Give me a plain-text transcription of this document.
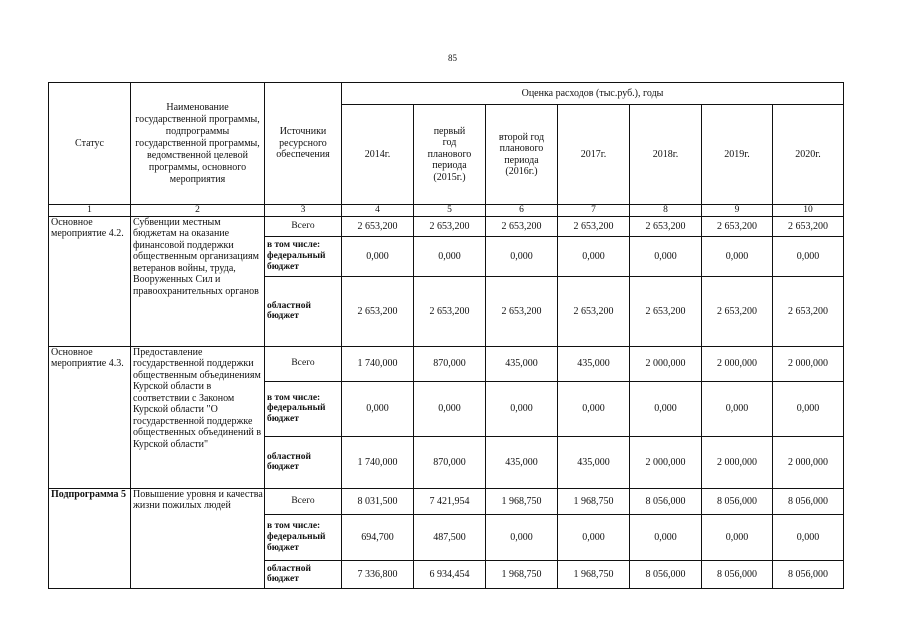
85
Статус	Наименование государственной программы, подпрограммы государственной программы, ведомственной целевой программы, основного мероприятия	Источники ресурсного обеспечения	Оценка расходов (тыс.руб.), годы						
			2014г.	первый год планового периода (2015г.)	второй год планового периода (2016г.)	2017г.	2018г.	2019г.	2020г.
1	2	3	4	5	6	7	8	9	10
Основное мероприятие 4.2.	Субвенции местным бюджетам на оказание финансовой поддержки общественным организациям ветеранов войны, труда, Вооруженных Сил и правоохранительных органов	Всего	2 653,200	2 653,200	2 653,200	2 653,200	2 653,200	2 653,200	2 653,200
		в том числе: федеральный бюджет	0,000	0,000	0,000	0,000	0,000	0,000	0,000
		областной бюджет	2 653,200	2 653,200	2 653,200	2 653,200	2 653,200	2 653,200	2 653,200
Основное мероприятие 4.3.	Предоставление государственной поддержки общественным объединениям Курской области в соответствии с Законом Курской области "О государственной поддержке общественных объединений в Курской области"	Всего	1 740,000	870,000	435,000	435,000	2 000,000	2 000,000	2 000,000
		в том числе: федеральный бюджет	0,000	0,000	0,000	0,000	0,000	0,000	0,000
		областной бюджет	1 740,000	870,000	435,000	435,000	2 000,000	2 000,000	2 000,000
Подпрограмма 5	Повышение уровня и качества жизни пожилых людей	Всего	8 031,500	7 421,954	1 968,750	1 968,750	8 056,000	8 056,000	8 056,000
		в том числе: федеральный бюджет	694,700	487,500	0,000	0,000	0,000	0,000	0,000
		областной бюджет	7 336,800	6 934,454	1 968,750	1 968,750	8 056,000	8 056,000	8 056,000
